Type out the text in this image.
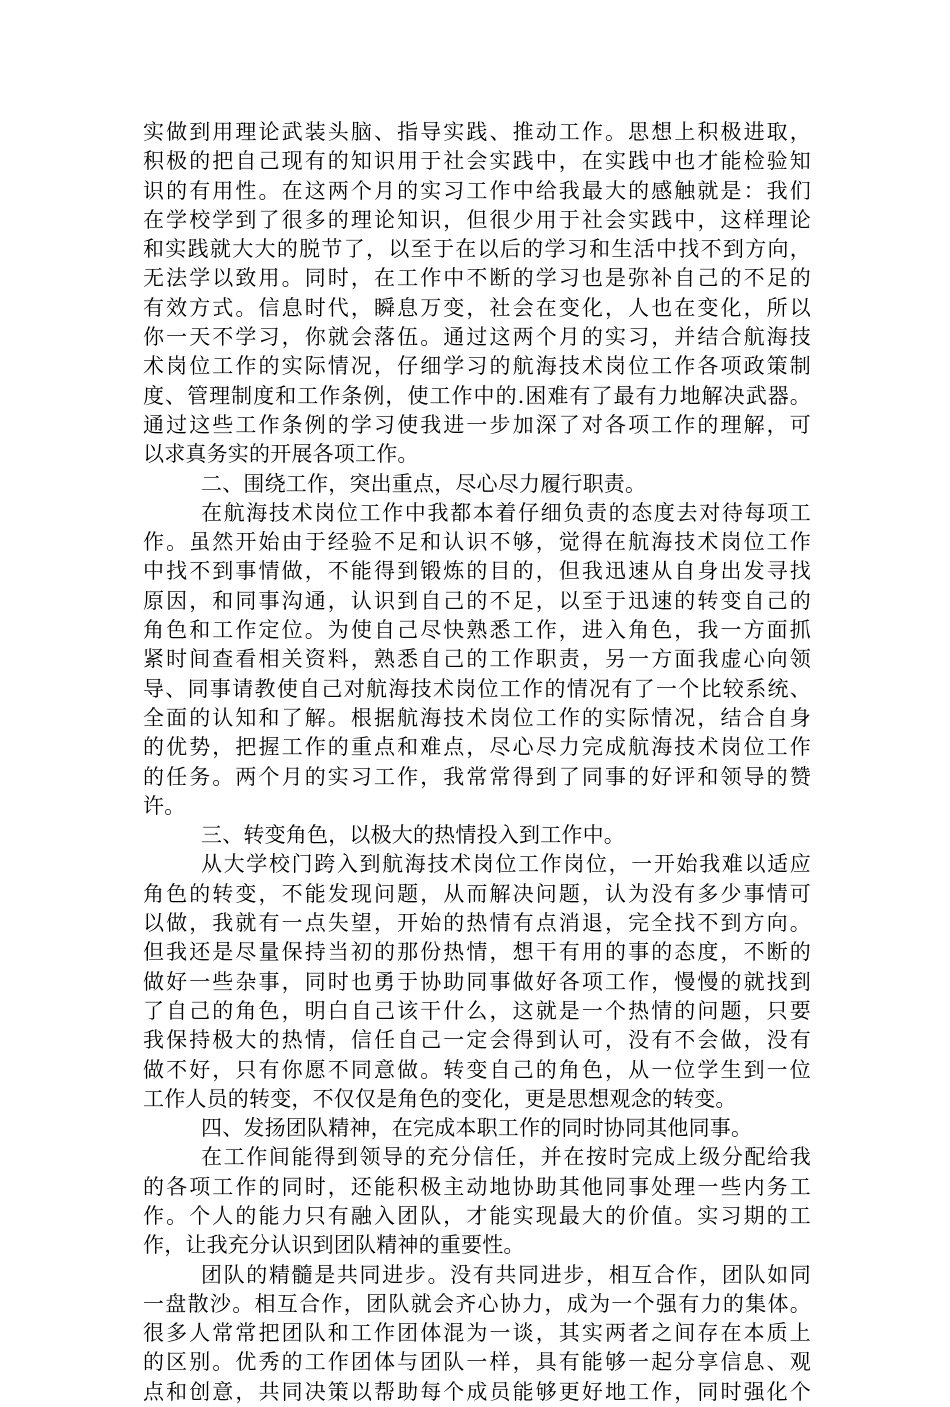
实做到用理论武装头脑、指导实践、推动工作。思想上积极进取，
积极的把自己现有的知识用于社会实践中，在实践中也才能检验知
识的有用性。在这两个月的实习工作中给我最大的感触就是：我们
在学校学到了很多的理论知识，但很少用于社会实践中，这样理论
和实践就大大的脱节了，以至于在以后的学习和生活中找不到方向，
无法学以致用。同时，在工作中不断的学习也是弥补自己的不足的
有效方式。信息时代，瞬息万变，社会在变化，人也在变化，所以
你一天不学习，你就会落伍。通过这两个月的实习，并结合航海技
术岗位工作的实际情况，仔细学习的航海技术岗位工作各项政策制
度、管理制度和工作条例，使工作中的.困难有了最有力地解决武器。
通过这些工作条例的学习使我进一步加深了对各项工作的理解，可
以求真务实的开展各项工作。
二、围绕工作，突出重点，尽心尽力履行职责。
在航海技术岗位工作中我都本着仔细负责的态度去对待每项工
作。虽然开始由于经验不足和认识不够，觉得在航海技术岗位工作
中找不到事情做，不能得到锻炼的目的，但我迅速从自身出发寻找
原因，和同事沟通，认识到自己的不足，以至于迅速的转变自己的
角色和工作定位。为使自己尽快熟悉工作，进入角色，我一方面抓
紧时间查看相关资料，熟悉自己的工作职责，另一方面我虚心向领
导、同事请教使自己对航海技术岗位工作的情况有了一个比较系统、
全面的认知和了解。根据航海技术岗位工作的实际情况，结合自身
的优势，把握工作的重点和难点，尽心尽力完成航海技术岗位工作
的任务。两个月的实习工作，我常常得到了同事的好评和领导的赞
许。
三、转变角色，以极大的热情投入到工作中。
从大学校门跨入到航海技术岗位工作岗位，一开始我难以适应
角色的转变，不能发现问题，从而解决问题，认为没有多少事情可
以做，我就有一点失望，开始的热情有点消退，完全找不到方向。
但我还是尽量保持当初的那份热情，想干有用的事的态度，不断的
做好一些杂事，同时也勇于协助同事做好各项工作，慢慢的就找到
了自己的角色，明白自己该干什么，这就是一个热情的问题，只要
我保持极大的热情，信任自己一定会得到认可，没有不会做，没有
做不好，只有你愿不同意做。转变自己的角色，从一位学生到一位
工作人员的转变，不仅仅是角色的变化，更是思想观念的转变。
四、发扬团队精神，在完成本职工作的同时协同其他同事。
在工作间能得到领导的充分信任，并在按时完成上级分配给我
的各项工作的同时，还能积极主动地协助其他同事处理一些内务工
作。个人的能力只有融入团队，才能实现最大的价值。实习期的工
作，让我充分认识到团队精神的重要性。
团队的精髓是共同进步。没有共同进步，相互合作，团队如同
一盘散沙。相互合作，团队就会齐心协力，成为一个强有力的集体。
很多人常常把团队和工作团体混为一谈，其实两者之间存在本质上
的区别。优秀的工作团体与团队一样，具有能够一起分享信息、观
点和创意，共同决策以帮助每个成员能够更好地工作，同时强化个
